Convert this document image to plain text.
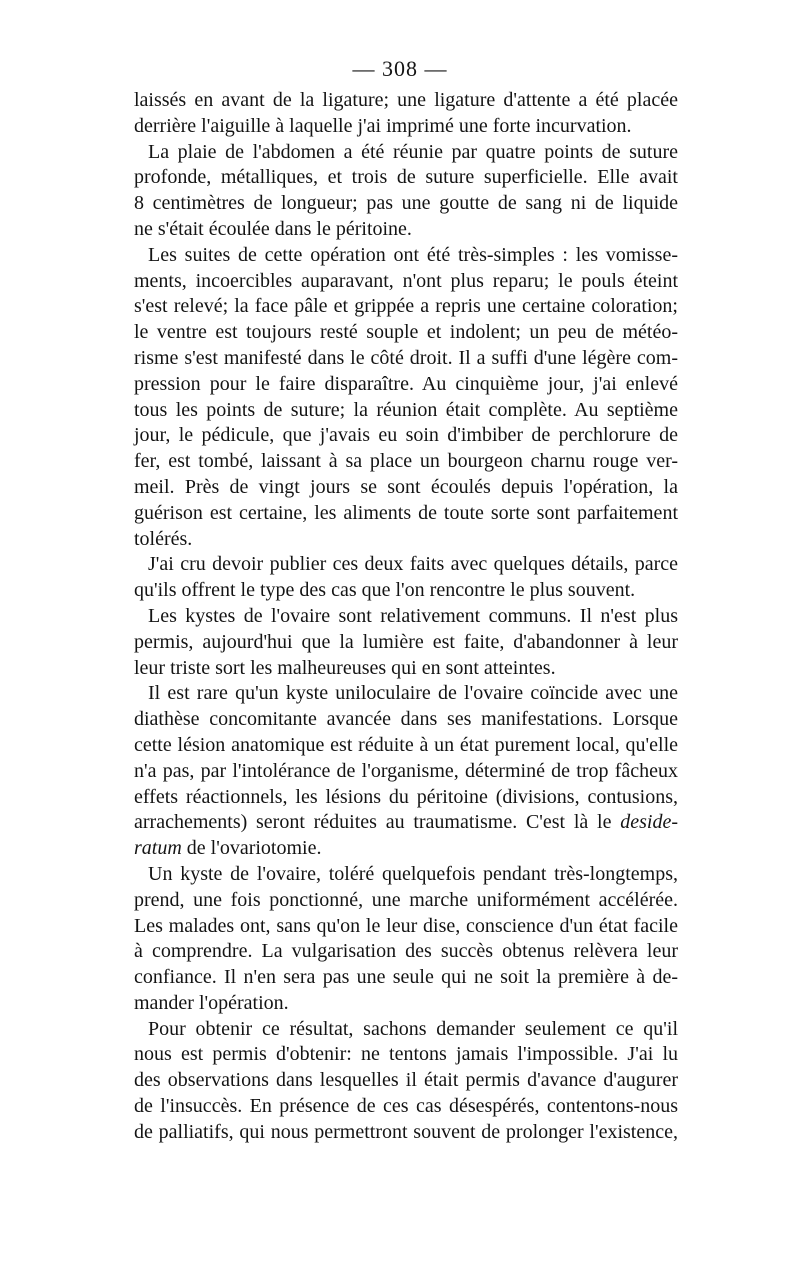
— 308 —
laissés en avant de la ligature; une ligature d'attente a été placée
derrière l'aiguille à laquelle j'ai imprimé une forte incurvation.
La plaie de l'abdomen a été réunie par quatre points de suture
profonde, métalliques, et trois de suture superficielle. Elle avait
8 centimètres de longueur; pas une goutte de sang ni de liquide
ne s'était écoulée dans le péritoine.
Les suites de cette opération ont été très-simples : les vomisse-
ments, incoercibles auparavant, n'ont plus reparu; le pouls éteint
s'est relevé; la face pâle et grippée a repris une certaine coloration;
le ventre est toujours resté souple et indolent; un peu de météo-
risme s'est manifesté dans le côté droit. Il a suffi d'une légère com-
pression pour le faire disparaître. Au cinquième jour, j'ai enlevé
tous les points de suture; la réunion était complète. Au septième
jour, le pédicule, que j'avais eu soin d'imbiber de perchlorure de
fer, est tombé, laissant à sa place un bourgeon charnu rouge ver-
meil. Près de vingt jours se sont écoulés depuis l'opération, la
guérison est certaine, les aliments de toute sorte sont parfaitement
tolérés.
J'ai cru devoir publier ces deux faits avec quelques détails, parce
qu'ils offrent le type des cas que l'on rencontre le plus souvent.
Les kystes de l'ovaire sont relativement communs. Il n'est plus
permis, aujourd'hui que la lumière est faite, d'abandonner à leur
leur triste sort les malheureuses qui en sont atteintes.
Il est rare qu'un kyste uniloculaire de l'ovaire coïncide avec une
diathèse concomitante avancée dans ses manifestations. Lorsque
cette lésion anatomique est réduite à un état purement local, qu'elle
n'a pas, par l'intolérance de l'organisme, déterminé de trop fâcheux
effets réactionnels, les lésions du péritoine (divisions, contusions,
arrachements) seront réduites au traumatisme. C'est là le deside-
ratum de l'ovariotomie.
Un kyste de l'ovaire, toléré quelquefois pendant très-longtemps,
prend, une fois ponctionné, une marche uniformément accélérée.
Les malades ont, sans qu'on le leur dise, conscience d'un état facile
à comprendre. La vulgarisation des succès obtenus relèvera leur
confiance. Il n'en sera pas une seule qui ne soit la première à de-
mander l'opération.
Pour obtenir ce résultat, sachons demander seulement ce qu'il
nous est permis d'obtenir: ne tentons jamais l'impossible. J'ai lu
des observations dans lesquelles il était permis d'avance d'augurer
de l'insuccès. En présence de ces cas désespérés, contentons-nous
de palliatifs, qui nous permettront souvent de prolonger l'existence,
